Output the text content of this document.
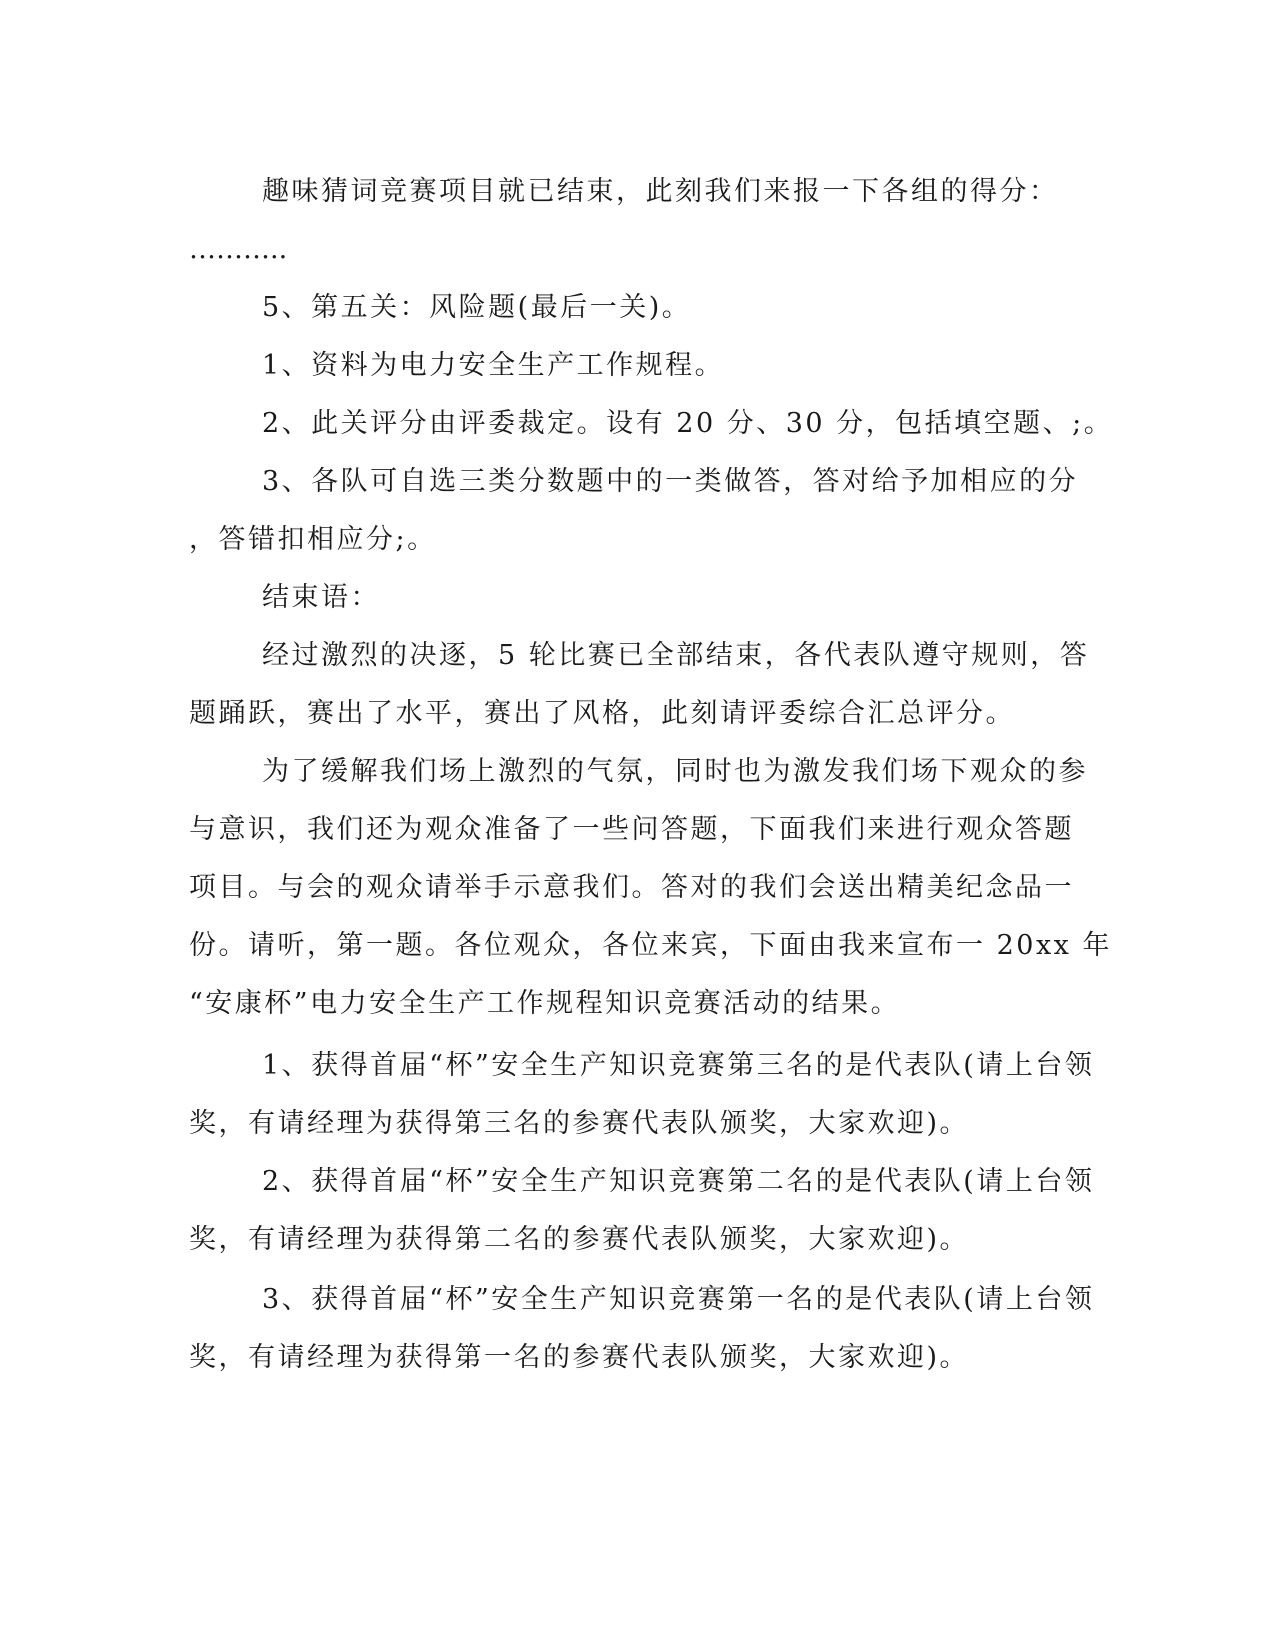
趣味猜词竞赛项目就已结束，此刻我们来报一下各组的得分：
………..
5、第五关：风险题(最后一关)。
1、资料为电力安全生产工作规程。
2、此关评分由评委裁定。设有 20 分、30 分，包括填空题、;。
3、各队可自选三类分数题中的一类做答，答对给予加相应的分
，答错扣相应分;。
结束语：
经过激烈的决逐，5 轮比赛已全部结束，各代表队遵守规则，答
题踊跃，赛出了水平，赛出了风格，此刻请评委综合汇总评分。
为了缓解我们场上激烈的气氛，同时也为激发我们场下观众的参
与意识，我们还为观众准备了一些问答题，下面我们来进行观众答题
项目。与会的观众请举手示意我们。答对的我们会送出精美纪念品一
份。请听，第一题。各位观众，各位来宾，下面由我来宣布一 20xx 年
“安康杯”电力安全生产工作规程知识竞赛活动的结果。
1、获得首届“杯”安全生产知识竞赛第三名的是代表队(请上台领
奖，有请经理为获得第三名的参赛代表队颁奖，大家欢迎)。
2、获得首届“杯”安全生产知识竞赛第二名的是代表队(请上台领
奖，有请经理为获得第二名的参赛代表队颁奖，大家欢迎)。
3、获得首届“杯”安全生产知识竞赛第一名的是代表队(请上台领
奖，有请经理为获得第一名的参赛代表队颁奖，大家欢迎)。
